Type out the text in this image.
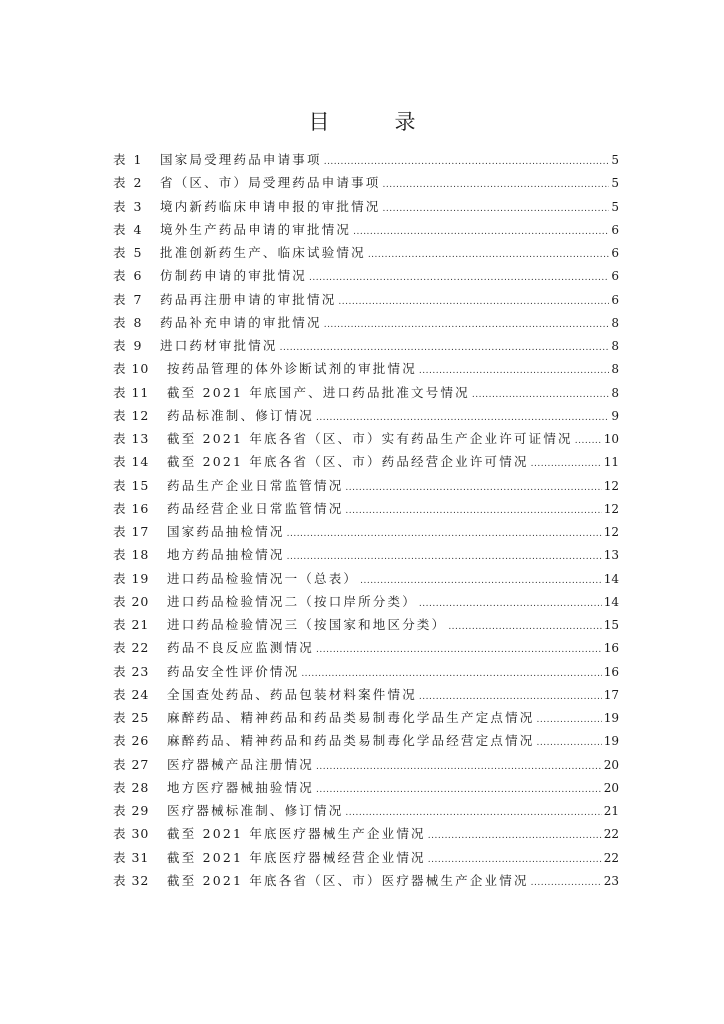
目　录
表 1	国家局受理药品申请事项 .....	5
表 2	省（区、市）局受理药品申请事项 .....	5
表 3	境内新药临床申请申报的审批情况 .....	5
表 4	境外生产药品申请的审批情况 .....	6
表 5	批准创新药生产、临床试验情况 .....	6
表 6	仿制药申请的审批情况 .....	6
表 7	药品再注册申请的审批情况 .....	6
表 8	药品补充申请的审批情况 .....	8
表 9	进口药材审批情况 .....	8
表 10	按药品管理的体外诊断试剂的审批情况 .....	8
表 11	截至 2021 年底国产、进口药品批准文号情况 .....	8
表 12	药品标准制、修订情况 .....	9
表 13	截至 2021 年底各省（区、市）实有药品生产企业许可证情况 .....	10
表 14	截至 2021 年底各省（区、市）药品经营企业许可情况 .....	11
表 15	药品生产企业日常监管情况 .....	12
表 16	药品经营企业日常监管情况 .....	12
表 17	国家药品抽检情况 .....	12
表 18	地方药品抽检情况 .....	13
表 19	进口药品检验情况一（总表） .....	14
表 20	进口药品检验情况二（按口岸所分类） .....	14
表 21	进口药品检验情况三（按国家和地区分类） .....	15
表 22	药品不良反应监测情况 .....	16
表 23	药品安全性评价情况 .....	16
表 24	全国查处药品、药品包装材料案件情况 .....	17
表 25	麻醉药品、精神药品和药品类易制毒化学品生产定点情况 .....	19
表 26	麻醉药品、精神药品和药品类易制毒化学品经营定点情况 .....	19
表 27	医疗器械产品注册情况 .....	20
表 28	地方医疗器械抽验情况 .....	20
表 29	医疗器械标准制、修订情况 .....	21
表 30	截至 2021 年底医疗器械生产企业情况 .....	22
表 31	截至 2021 年底医疗器械经营企业情况 .....	22
表 32	截至 2021 年底各省（区、市）医疗器械生产企业情况 .....	23
